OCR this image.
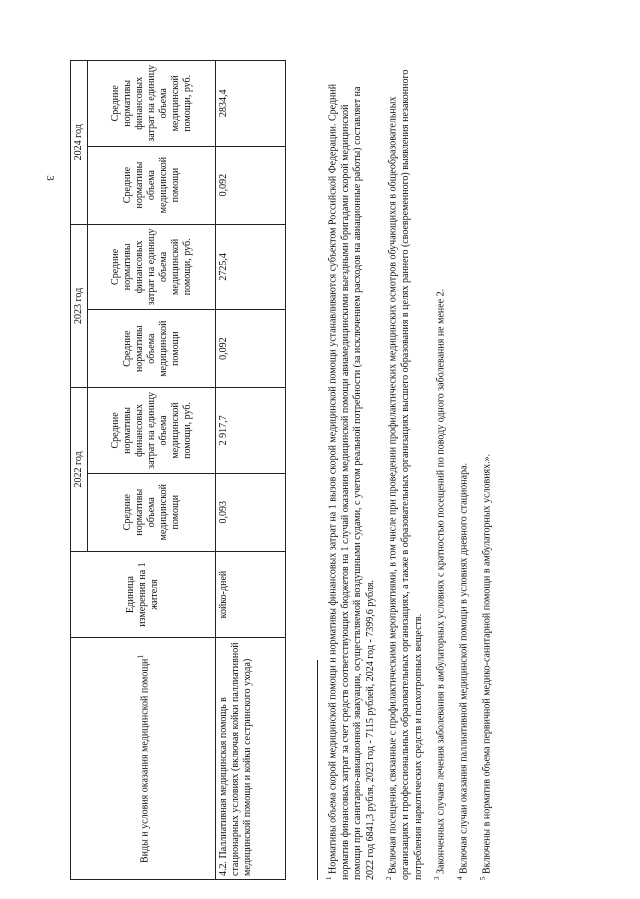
3
Виды и условия оказания медицинской помощи$^1$	Единица измерения на 1 жителя	2022 год		2023 год		2024 год	
		Средние нормативы объема медицинской помощи	Средние нормативы финансовых затрат на единицу объема медицинской помощи, руб.	Средние нормативы объема медицинской помощи	Средние нормативы финансовых затрат на единицу объема медицинской помощи, руб.	Средние нормативы объема медицинской помощи	Средние нормативы финансовых затрат на единицу объема медицинской помощи, руб.
4.2. Паллиативная медицинская помощь в стационарных условиях (включая койки паллиативной медицинской помощи и койки сестринского ухода)	койко-дней	0,093	2 917,7	0,092	2725,4	0,092	2834,4

$^1$ Нормативы объема скорой медицинской помощи и нормативы финансовых затрат на 1 вызов скорой медицинской помощи устанавливаются субъектом Российской Федерации. Средний норматив финансовых затрат за счет средств соответствующих бюджетов на 1 случай оказания медицинской помощи авиамедицинскими выездными бригадами скорой медицинской помощи при санитарно-авиационной эвакуации, осуществляемой воздушными судами, с учетом реальной потребности (за исключением расходов на авиационные работы) составляет на 2022 год 6841,3 рубля, 2023 год - 7115 рублей, 2024 год - 7399,6 рубля. $^2$ Включая посещения, связанные с профилактическими мероприятиями, в том числе при проведении профилактических медицинских осмотров обучающихся в общеобразовательных организациях и профессиональных образовательных организациях, а также в образовательных организациях высшего образования в целях раннего (своевременного) выявления незаконного потребления наркотических средств и психотропных веществ. $^3$ Законченных случаев лечения заболевания в амбулаторных условиях с кратностью посещений по поводу одного заболевания не менее 2.

$^4$ Включая случаи оказания паллиативной медицинской помощи в условиях дневного стационара.

$^5$ Включены в норматив объема первичной медико-санитарной помощи в амбулаторных условиях.».
